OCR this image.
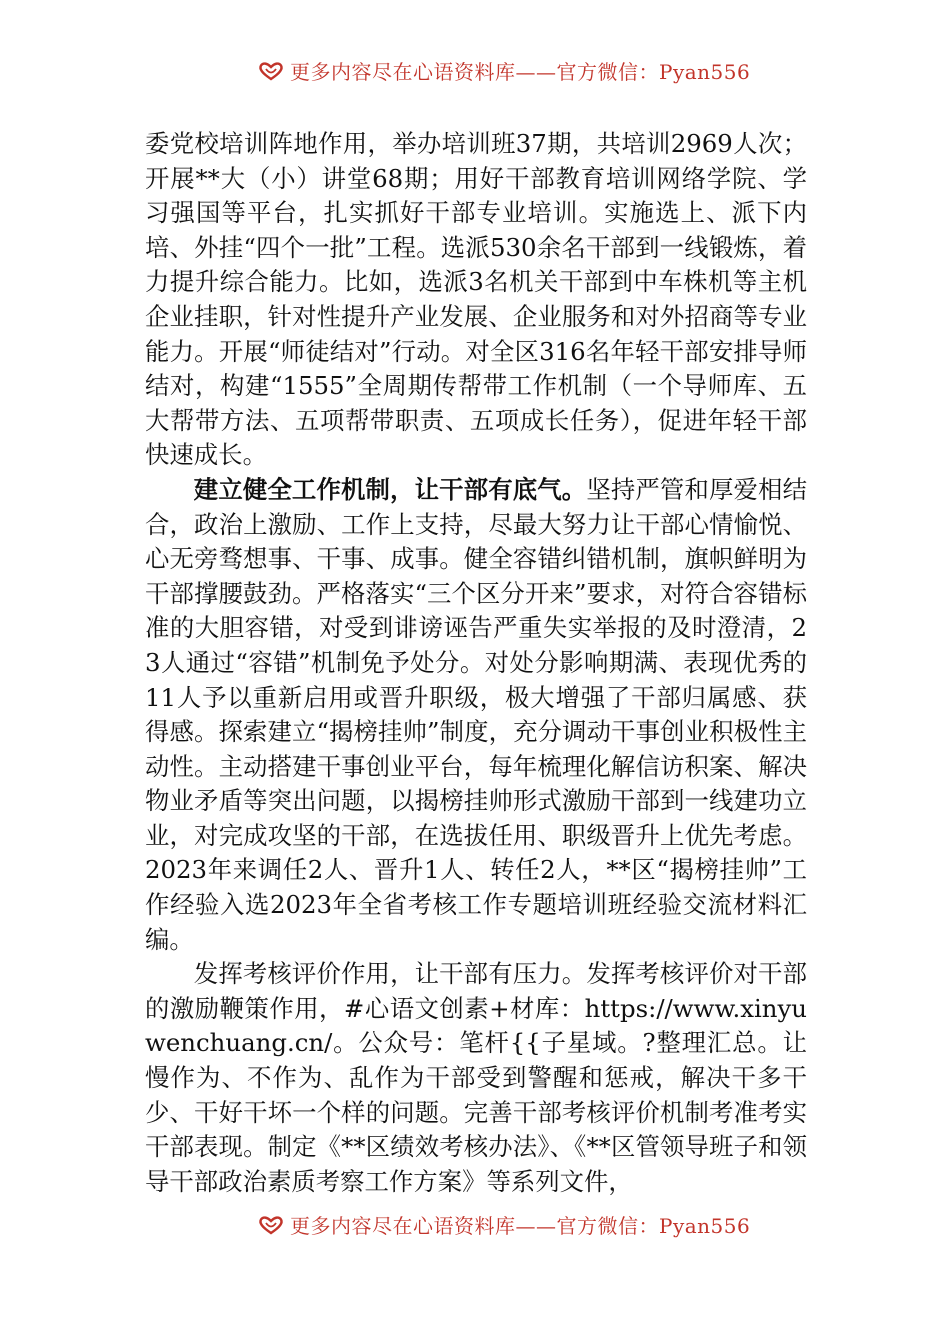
更多内容尽在心语资料库——官方微信：Pyan556

委党校培训阵地作用，举办培训班37期，共培训2969人次；开展**大（小）讲堂68期；用好干部教育培训网络学院、学习强国等平台，扎实抓好干部专业培训。实施选上、派下内培、外挂“四个一批”工程。选派530余名干部到一线锻炼，着力提升综合能力。比如，选派3名机关干部到中车株机等主机企业挂职，针对性提升产业发展、企业服务和对外招商等专业能力。开展“师徒结对”行动。对全区316名年轻干部安排导师结对，构建“1555”全周期传帮带工作机制（一个导师库、五大帮带方法、五项帮带职责、五项成长任务），促进年轻干部快速成长。

建立健全工作机制，让干部有底气。坚持严管和厚爱相结合，政治上激励、工作上支持，尽最大努力让干部心情愉悦、心无旁骛想事、干事、成事。健全容错纠错机制，旗帜鲜明为干部撑腰鼓劲。严格落实“三个区分开来”要求，对符合容错标准的大胆容错，对受到诽谤诬告严重失实举报的及时澄清，23人通过“容错”机制免予处分。对处分影响期满、表现优秀的11人予以重新启用或晋升职级，极大增强了干部归属感、获得感。探索建立“揭榜挂帅”制度，充分调动干事创业积极性主动性。主动搭建干事创业平台，每年梳理化解信访积案、解决物业矛盾等突出问题，以揭榜挂帅形式激励干部到一线建功立业，对完成攻坚的干部，在选拔任用、职级晋升上优先考虑。2023年来调任2人、晋升1人、转任2人，**区“揭榜挂帅”工作经验入选2023年全省考核工作专题培训班经验交流材料汇编。

发挥考核评价作用，让干部有压力。发挥考核评价对干部的激励鞭策作用，#心语文创素+材库：https://www.xinyuwenchuang.cn/。公众号：笔杆{{子星域。?整理汇总。让慢作为、不作为、乱作为干部受到警醒和惩戒，解决干多干少、干好干坏一个样的问题。完善干部考核评价机制考准考实干部表现。制定《**区绩效考核办法》、《**区管领导班子和领导干部政治素质考察工作方案》等系列文件，

更多内容尽在心语资料库——官方微信：Pyan556
